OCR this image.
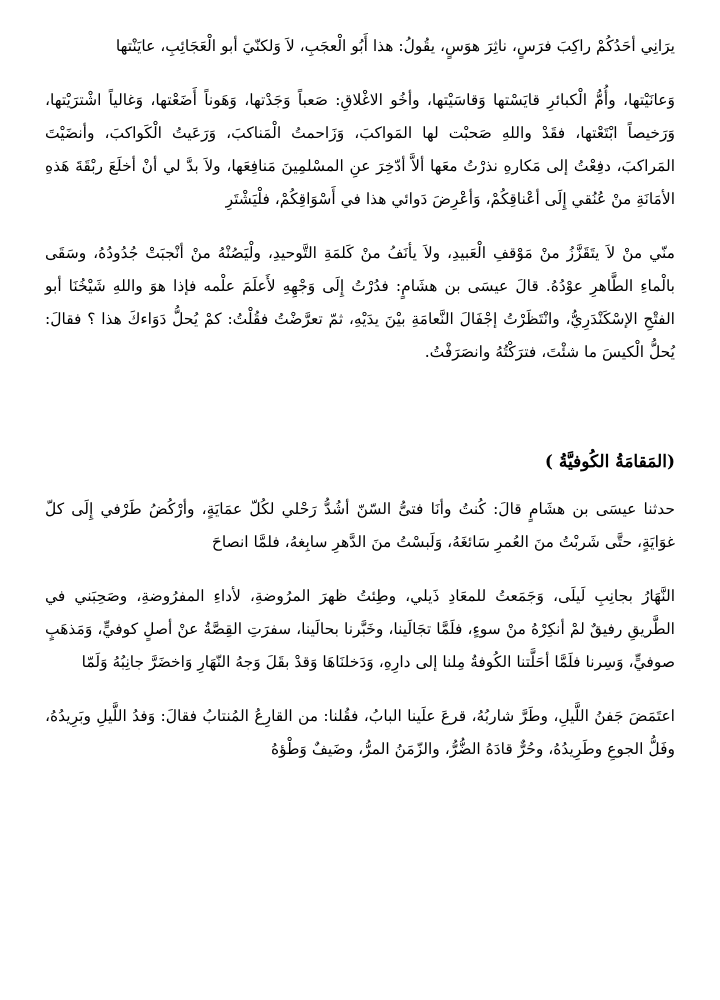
يرَانِي أحَدُكُمْ راكِبَ فرَسٍ، ناثِرَ هوَسٍ، يقُولُ: هذا أَبُو الْعجَبِ، لاَ وَلكنّيَ أبو الْعَجَائِبِ، عايَنْتها

وَعانَيْتها، وأُمُّ الْكبائرِ قايَسْتها وَقاسَيْتها، وأخُو الاغْلاقِ: صَعباً وَجَدْتها، وَهَوناً أَضَعْتها، وَغالياً اشْترَيْتها، وَرَخيصاً ابْتَعْتها، فقَدْ واللهِ صَحبْت لها المَواكبَ، وَزَاحمتُ الْمَناكبَ، وَرَعَيتُ الْكَواكبَ، وأنضَيْتَ المَراكبَ، دفِعْتُ إلى مَكارهِ نذرْتُ معَها ألاَّ أدّخِرَ عنِ المسْلمِينَ مَنافِعَها، ولاَ بدَّ لي أنْ أخلَعَ ربْقَةَ هَذهِ الأمَانَةِ منْ عُنُقي إِلَى أعْناقِكُمْ، وَأعْرِضَ دَوائي هذا في أَسْوَاقِكُمْ، فلْيَشْتَرِ

منّي منْ لاَ يتَقَزَّزُ منْ مَوْقفِ الْعَبيدِ، ولاَ يأنَفُ منْ كَلمَةِ التَّوحيدِ، ولْيَصُنْهُ منْ أنْجبَتْ جُدُودُهُ، وسَقَى بالْماءِ الطَّاهرِ عوْدُهُ. قالَ عيسَى بن هشَامٍ: فدُرْتُ إِلَى وَجْهِهِ لأَعلَمَ علْمه فإذا هوَ واللهِ شَيْخُنَا أبو الفتْحِ الإسْكَنْدَرِيُّ، وانْتَظَرْتُ إجْفَالَ النَّعامَةِ بيْنَ يدَيْهِ، ثمّ تعرَّضْتُ فقُلْتُ: كمْ يُحلُّ دَوَاءكَ هذا ؟ فقالَ: يُحلُّ الْكيسَ ما شئْتَ، فترَكْتُهُ وانصَرَفْتُ.

(المَقامَةُ الكُوفيَّةُ )

حدثنا عيسَى بن هشَامٍ قالَ: كُنتُ وأنَا فتىُّ السّنّ أشُدُّ رَحْلي لكُلّ عمَايَةٍ، وأرْكُضُ طَرْفي إِلَى كلّ غوَايَةٍ، حتَّى شَربْتُ منَ العُمرِ سَائغَهُ، وَلَبسْتُ منَ الدَّهرِ سابِغهُ، فلمَّا انصاحَ

النَّهَارُ بجانِبِ لَيلَى، وَجَمَعتُ للمعَادِ ذَيلي، وطِئتُ ظهرَ المرُوضةِ، لأداءِ المفرُوضةِ، وصَحِبَني في الطَّريقِ رفيقٌ لمْ أنكِرْهُ منْ سوءٍ، فلَمَّا تجَالَينا، وخَبَّرنا بحالَينا، سفرَتِ القِصَّةُ عنْ أصلٍ كوفيٍّ، وَمَذهَبٍ صوفيٍّ، وَسِرنا فلَمَّا أحَلَّتنا الكُوفةُ مِلنا إلى دارِهِ، وَدَخلنَاهَا وَقدْ بقَلَ وَجهُ النّهَارِ وَاخضَرَّ جانِبُهُ وَلَمّا

اعتَمَضَ جَفنُ اللَّيلِ، وطَرَّ شاربُهُ، قرعَ علَينا البابُ، فقُلنا: من القارِعُ المُنتابُ فقالَ: وَفدُ اللَّيلِ وبَرِيدُهُ، وفَلُّ الجوعِ وطَرِيدُهُ، وحُرٌّ قادَهُ الضُّرُّ، والزّمَنُ المرُّ، وضَيفٌ وَطْؤهُ
